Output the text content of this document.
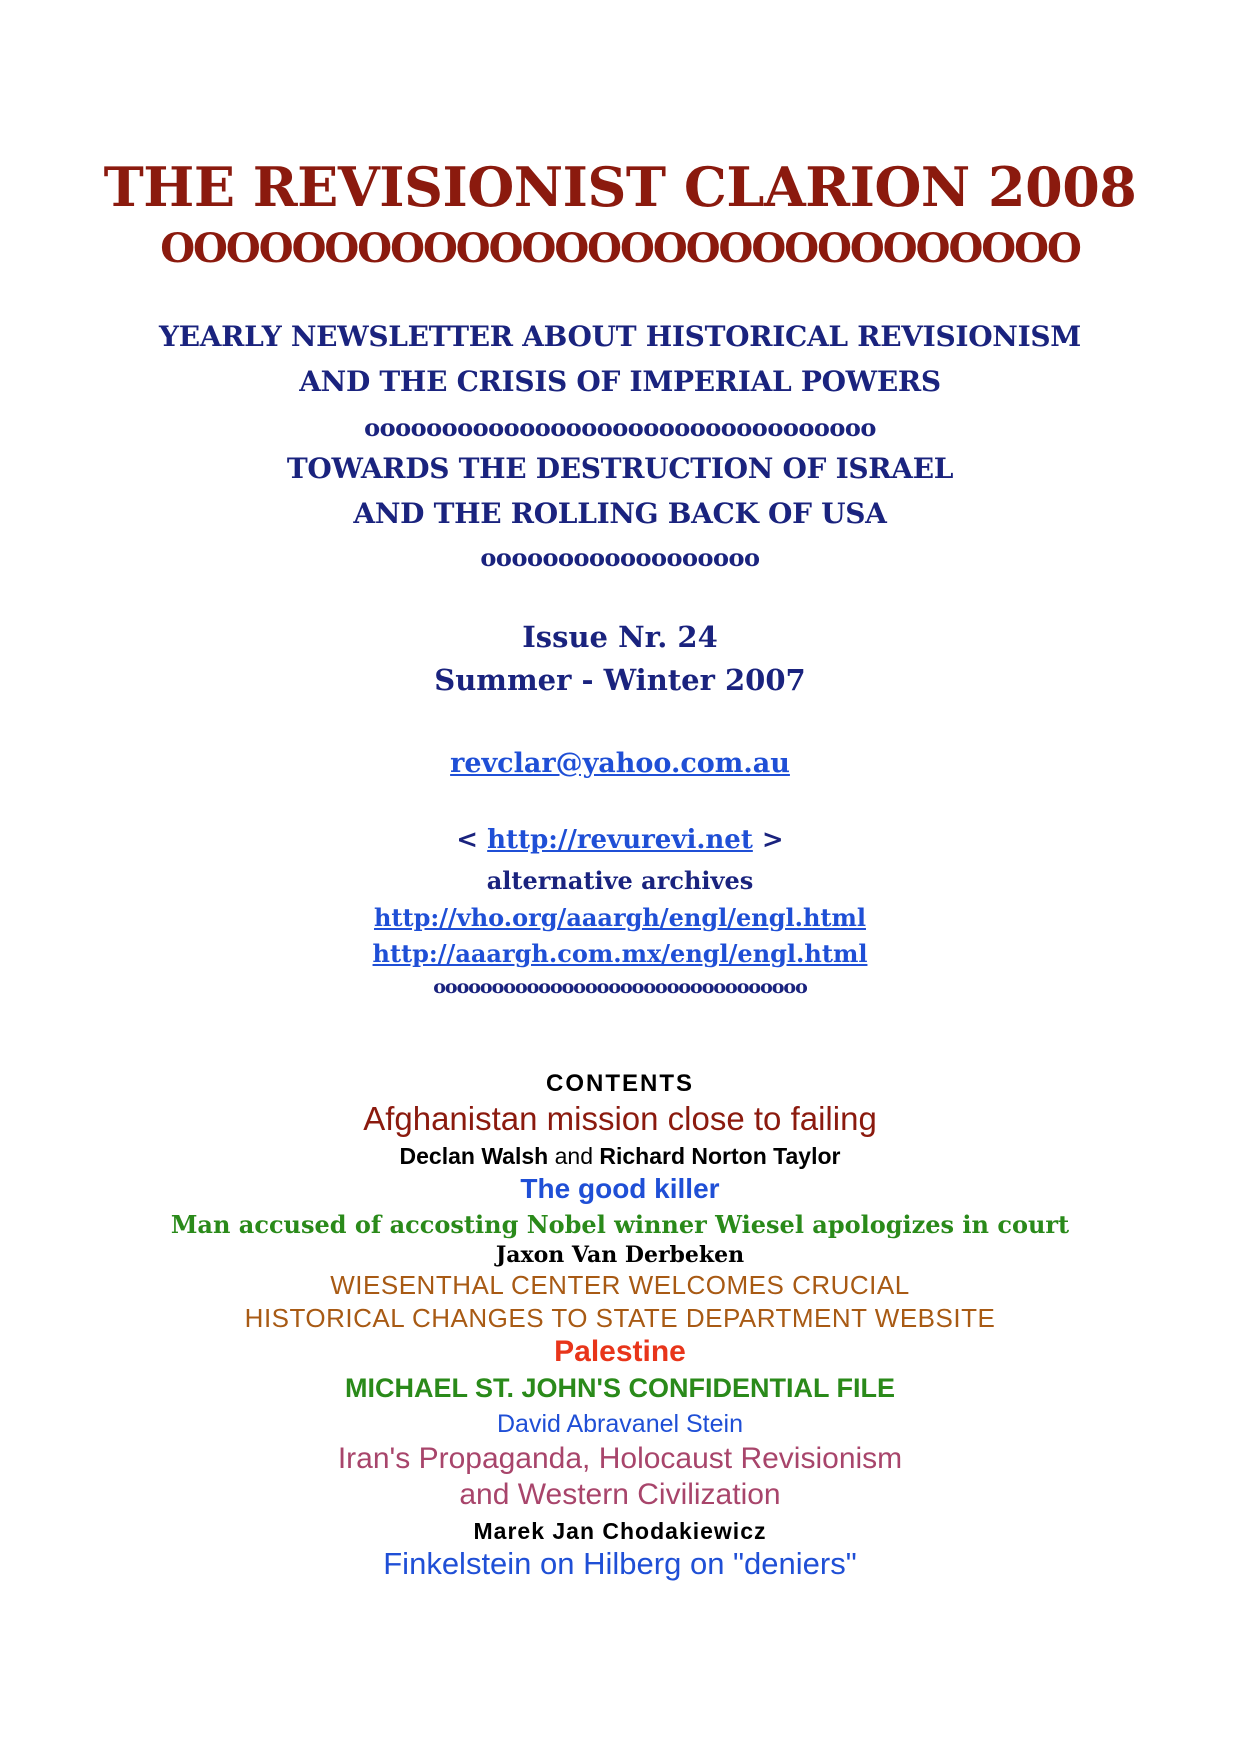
THE REVISIONIST CLARION 2008
OOOOOOOOOOOOOOOOOOOOOOOOOOOO
YEARLY NEWSLETTER ABOUT HISTORICAL REVISIONISM
AND THE CRISIS OF IMPERIAL POWERS
ooooooooooooooooooooooooooooooooo
TOWARDS THE DESTRUCTION OF ISRAEL
AND THE ROLLING BACK OF USA
oooooooooooooooooo
Issue Nr. 24
Summer - Winter 2007
revclar@yahoo.com.au
< http://revurevi.net >
alternative archives
http://vho.org/aaargh/engl/engl.html
http://aaargh.com.mx/engl/engl.html
oooooooooooooooooooooooooooooooo
CONTENTS
Afghanistan mission close to failing
Declan Walsh and Richard Norton Taylor
The good killer
Man accused of accosting Nobel winner Wiesel apologizes in court
Jaxon Van Derbeken
WIESENTHAL CENTER WELCOMES CRUCIAL
HISTORICAL CHANGES TO STATE DEPARTMENT WEBSITE
Palestine
MICHAEL ST. JOHN'S CONFIDENTIAL FILE
David Abravanel Stein
Iran's Propaganda, Holocaust Revisionism
and Western Civilization
Marek Jan Chodakiewicz
Finkelstein on Hilberg on "deniers"
